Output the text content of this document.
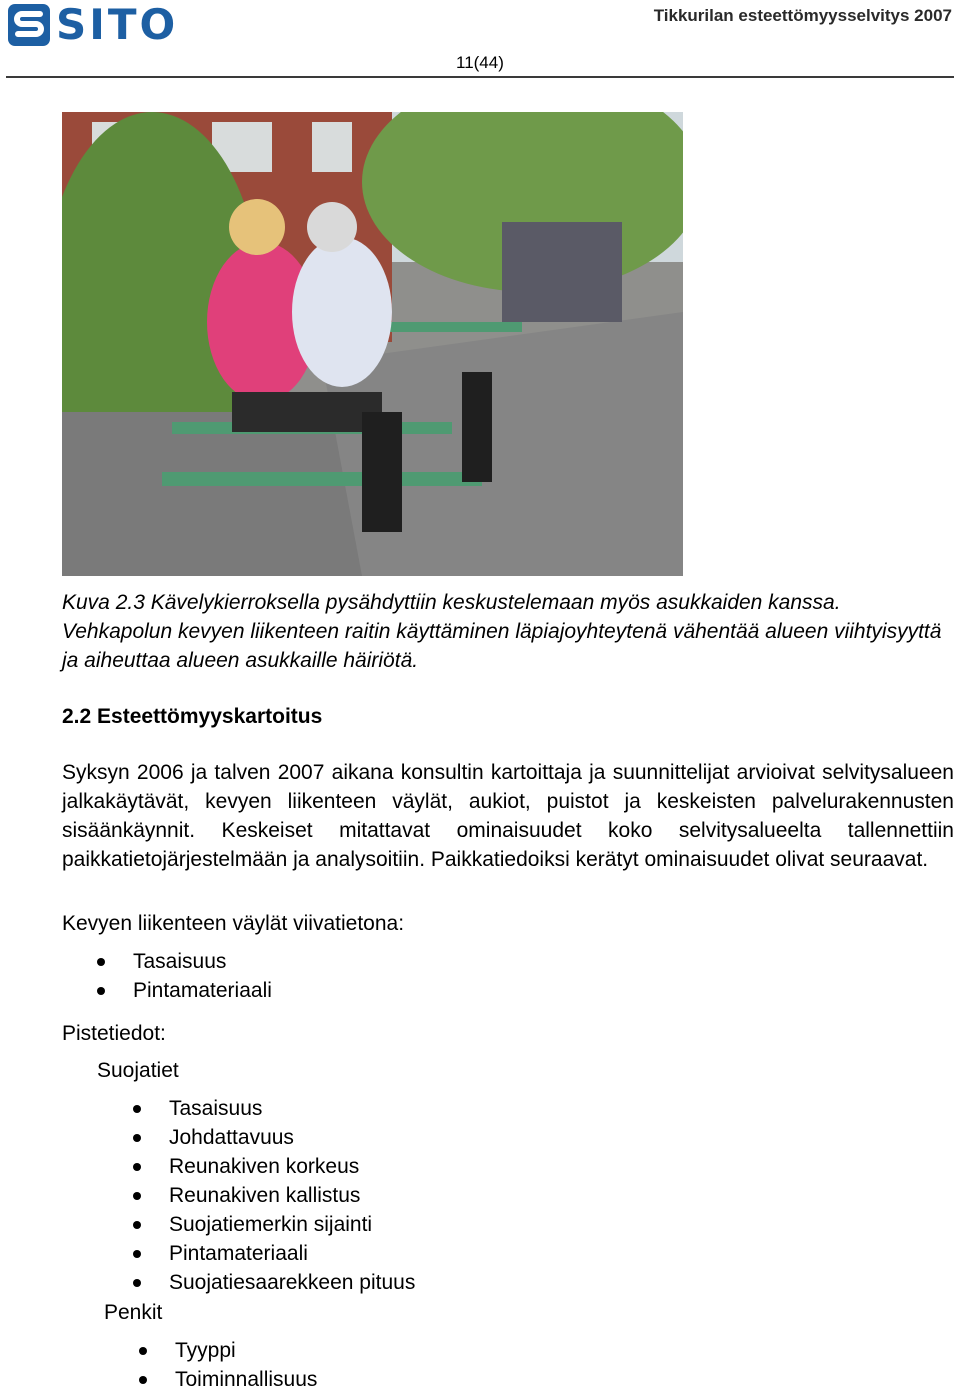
SITO	Tikkurilan esteettömyysselvitys 2007
11(44)
Kuva 2.3 Kävelykierroksella pysähdyttiin keskustelemaan myös asukkaiden kanssa. Vehkapolun kevyen liikenteen raitin käyttäminen läpiajoyhteytenä vähentää alueen viihtyisyyttä ja aiheuttaa alueen asukkaille häiriötä.
2.2 Esteettömyyskartoitus
Syksyn 2006 ja talven 2007 aikana konsultin kartoittaja ja suunnittelijat arvioivat selvitysalueen jalkakäytävät, kevyen liikenteen väylät, aukiot, puistot ja keskeisten palvelurakennusten sisäänkäynnit. Keskeiset mitattavat ominaisuudet koko selvitysalueelta tallennettiin paikkatietojärjestelmään ja analysoitiin. Paikkatiedoiksi kerätyt ominaisuudet olivat seuraavat.
Kevyen liikenteen väylät viivatietona:
Tasaisuus
Pintamateriaali
Pistetiedot:
Suojatiet
Tasaisuus
Johdattavuus
Reunakiven korkeus
Reunakiven kallistus
Suojatiemerkin sijainti
Pintamateriaali
Suojatiesaarekkeen pituus
Penkit
Tyyppi
Toiminnallisuus
